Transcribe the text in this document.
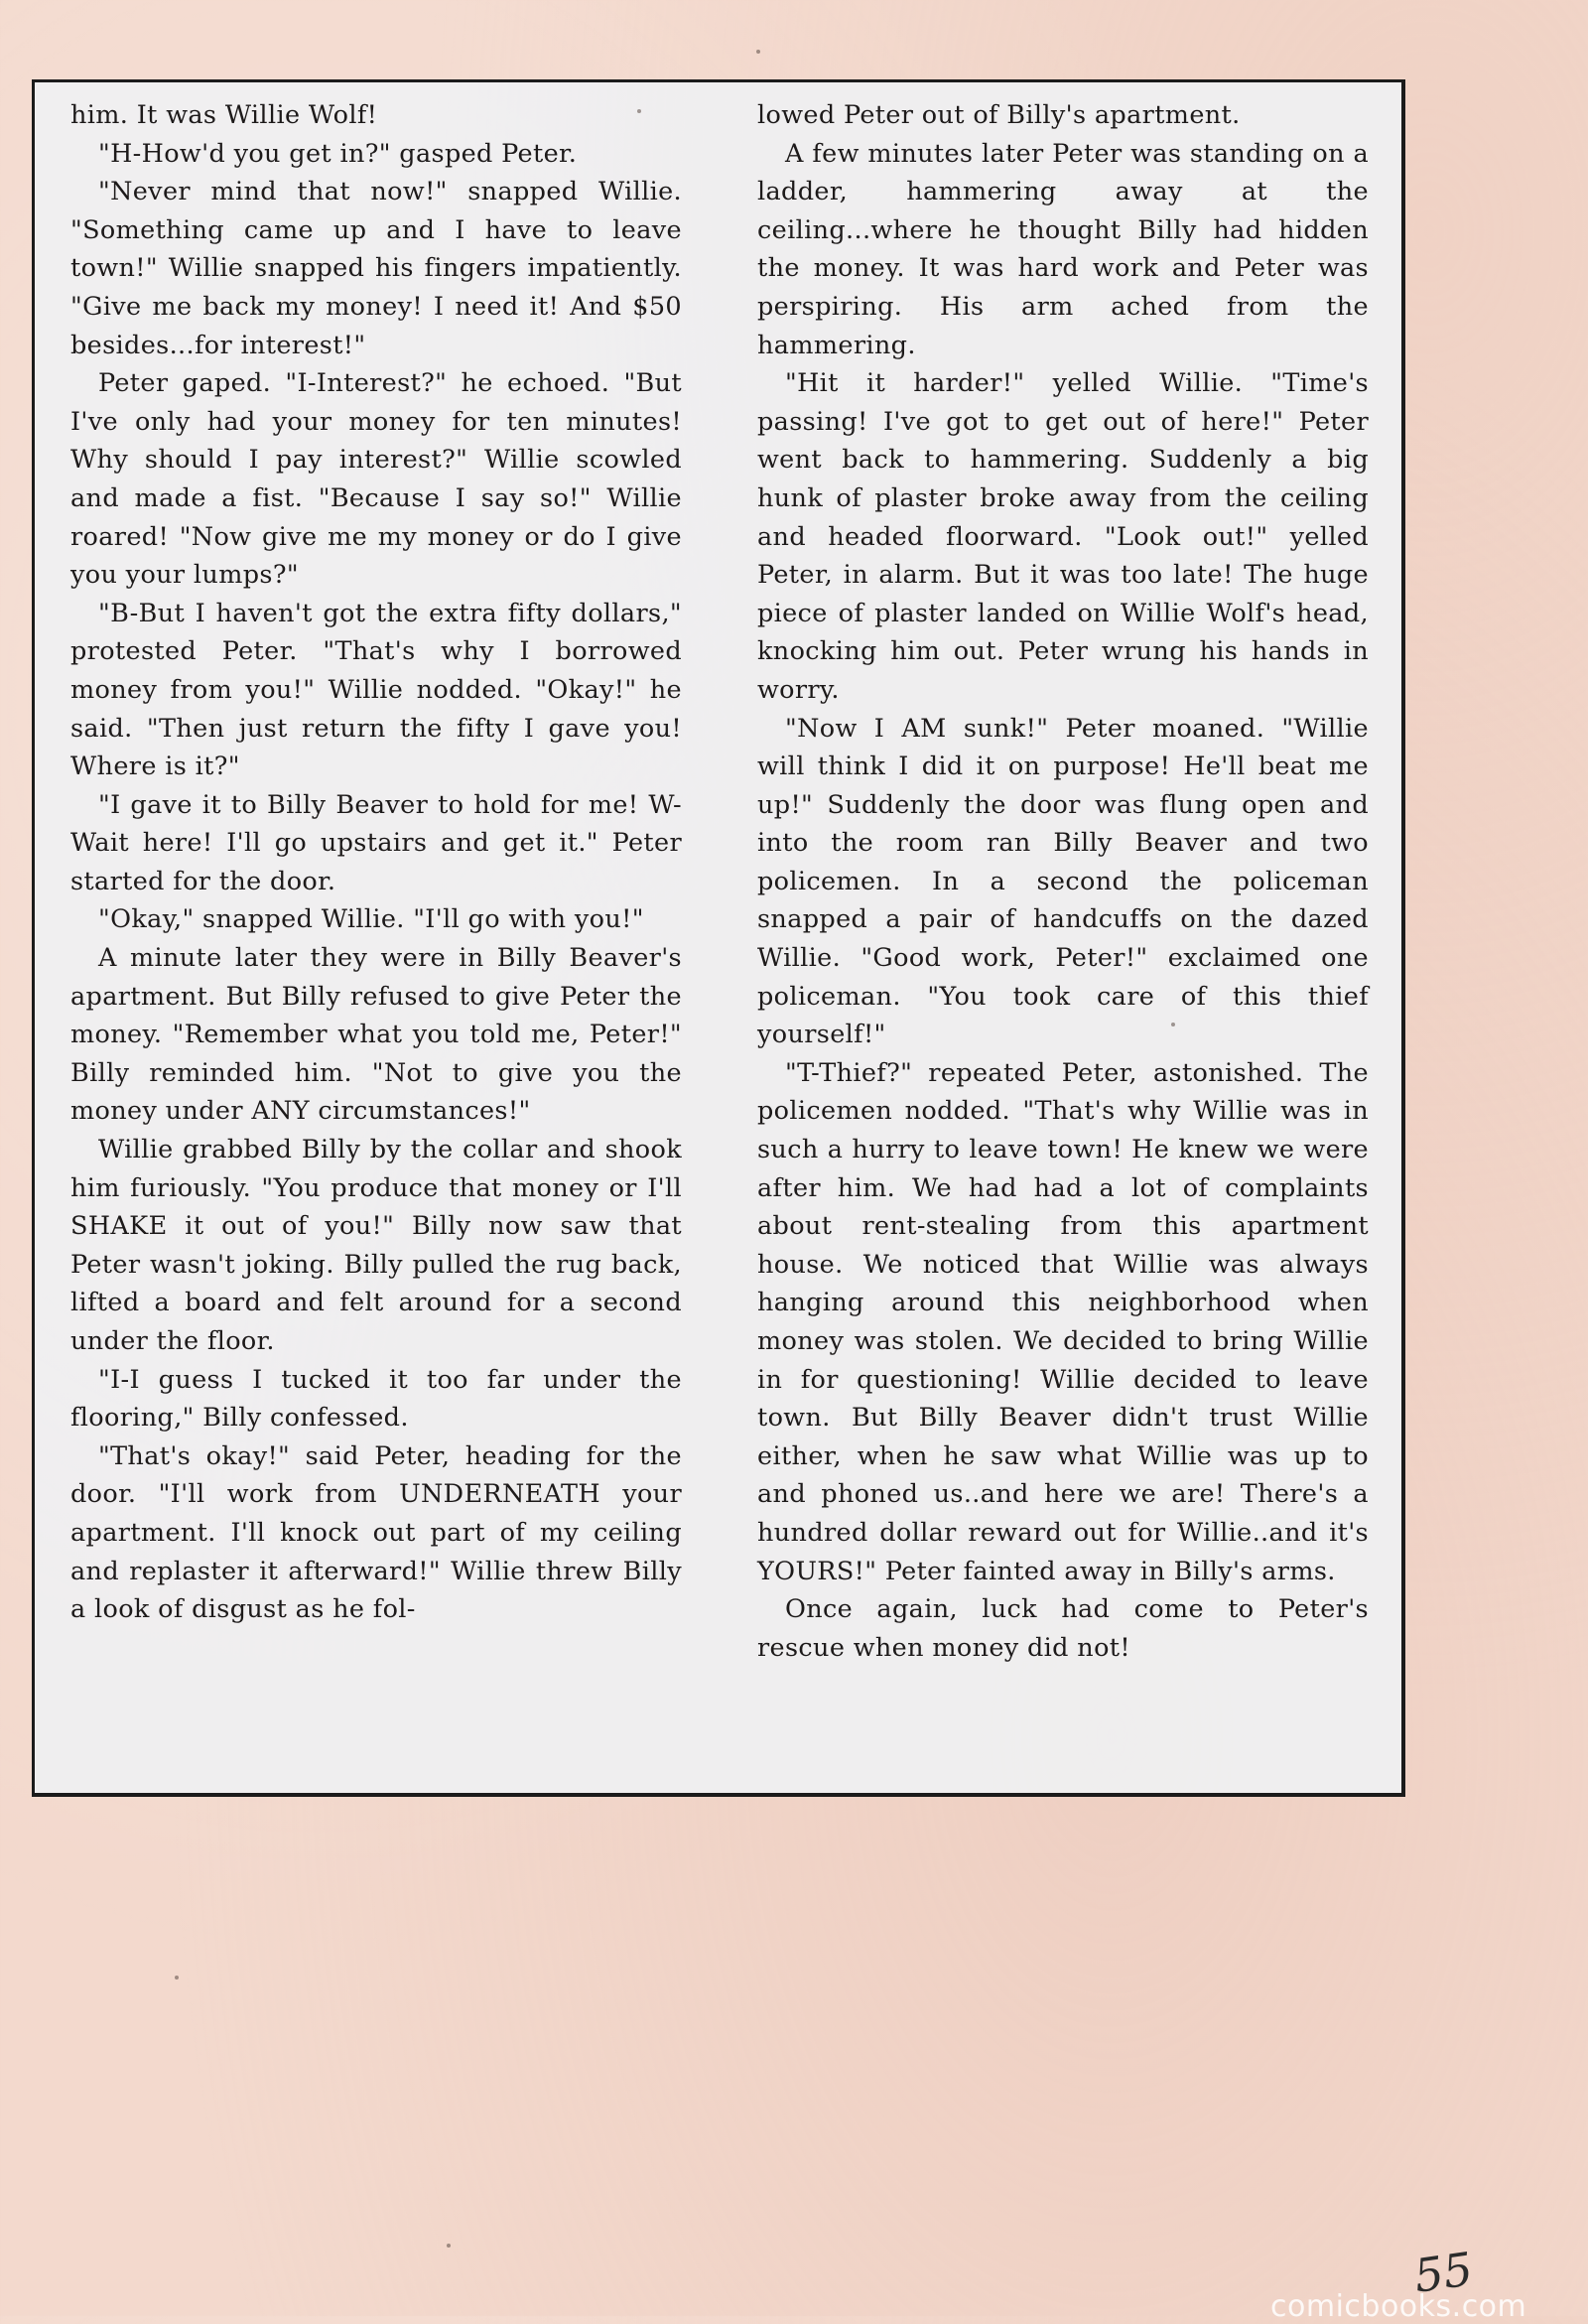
him. It was Willie Wolf!

"H-How'd you get in?" gasped Peter.

"Never mind that now!" snapped Willie. "Something came up and I have to leave town!" Willie snapped his fingers impatiently. "Give me back my money! I need it! And $50 besides...for interest!"

Peter gaped. "I-Interest?" he echoed. "But I've only had your money for ten minutes! Why should I pay interest?" Willie scowled and made a fist. "Because I say so!" Willie roared! "Now give me my money or do I give you your lumps?"

"B-But I haven't got the extra fifty dollars," protested Peter. "That's why I borrowed money from you!" Willie nodded. "Okay!" he said. "Then just return the fifty I gave you! Where is it?"

"I gave it to Billy Beaver to hold for me! W-Wait here! I'll go upstairs and get it." Peter started for the door.

"Okay," snapped Willie. "I'll go with you!"

A minute later they were in Billy Beaver's apartment. But Billy refused to give Peter the money. "Remember what you told me, Peter!" Billy reminded him. "Not to give you the money under ANY circumstances!"

Willie grabbed Billy by the collar and shook him furiously. "You produce that money or I'll SHAKE it out of you!" Billy now saw that Peter wasn't joking. Billy pulled the rug back, lifted a board and felt around for a second under the floor.

"I-I guess I tucked it too far under the flooring," Billy confessed.

"That's okay!" said Peter, heading for the door. "I'll work from UNDERNEATH your apartment. I'll knock out part of my ceiling and replaster it afterward!" Willie threw Billy a look of disgust as he fol-

lowed Peter out of Billy's apartment.

A few minutes later Peter was standing on a ladder, hammering away at the ceiling...where he thought Billy had hidden the money. It was hard work and Peter was perspiring. His arm ached from the hammering.

"Hit it harder!" yelled Willie. "Time's passing! I've got to get out of here!" Peter went back to hammering. Suddenly a big hunk of plaster broke away from the ceiling and headed floorward. "Look out!" yelled Peter, in alarm. But it was too late! The huge piece of plaster landed on Willie Wolf's head, knocking him out. Peter wrung his hands in worry.

"Now I AM sunk!" Peter moaned. "Willie will think I did it on purpose! He'll beat me up!" Suddenly the door was flung open and into the room ran Billy Beaver and two policemen. In a second the policeman snapped a pair of handcuffs on the dazed Willie. "Good work, Peter!" exclaimed one policeman. "You took care of this thief yourself!"

"T-Thief?" repeated Peter, astonished. The policemen nodded. "That's why Willie was in such a hurry to leave town! He knew we were after him. We had had a lot of complaints about rent-stealing from this apartment house. We noticed that Willie was always hanging around this neighborhood when money was stolen. We decided to bring Willie in for questioning! Willie decided to leave town. But Billy Beaver didn't trust Willie either, when he saw what Willie was up to and phoned us..and here we are! There's a hundred dollar reward out for Willie..and it's YOURS!" Peter fainted away in Billy's arms.

Once again, luck had come to Peter's rescue when money did not!

55
comicbooks.com
